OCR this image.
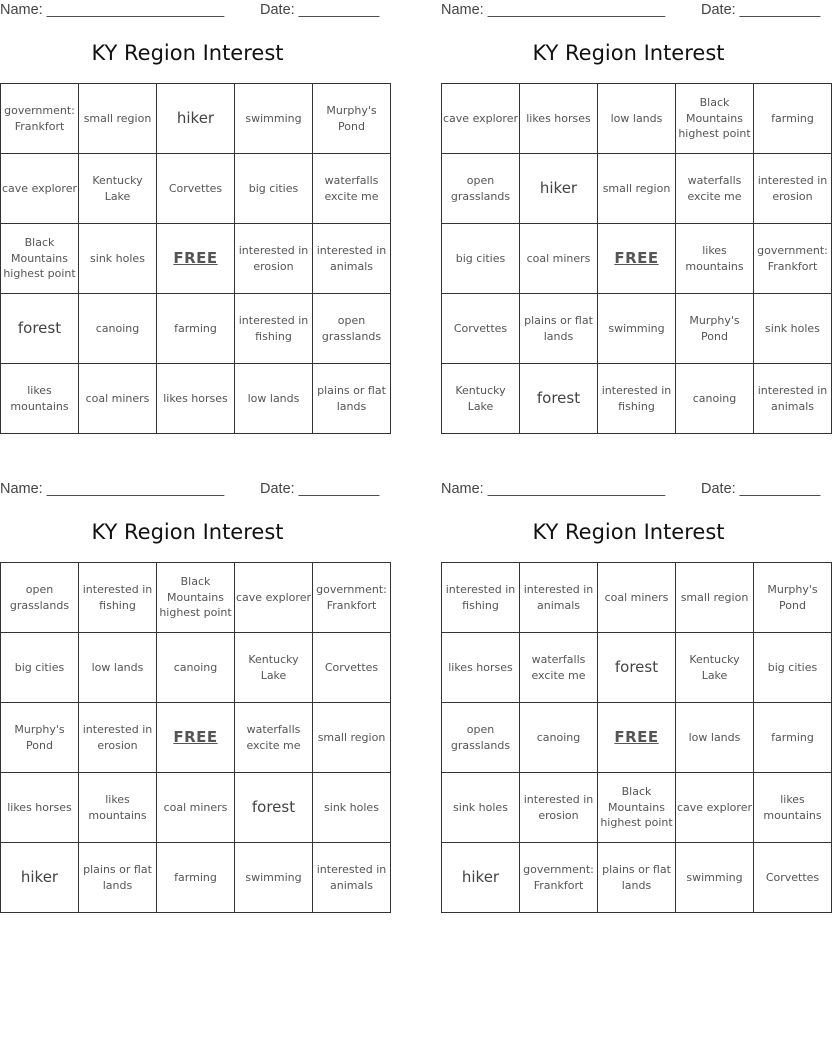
Name: ______________________ Date: __________
KY Region Interest
government: Frankfort	small region	hiker	swimming	Murphy's Pond
cave explorer	Kentucky Lake	Corvettes	big cities	waterfalls excite me
Black Mountains highest point	sink holes	FREE	interested in erosion	interested in animals
forest	canoing	farming	interested in fishing	open grasslands
likes mountains	coal miners	likes horses	low lands	plains or flat lands
Name: ______________________ Date: __________
KY Region Interest
cave explorer	likes horses	low lands	Black Mountains highest point	farming
open grasslands	hiker	small region	waterfalls excite me	interested in erosion
big cities	coal miners	FREE	likes mountains	government: Frankfort
Corvettes	plains or flat lands	swimming	Murphy's Pond	sink holes
Kentucky Lake	forest	interested in fishing	canoing	interested in animals
Name: ______________________ Date: __________
KY Region Interest
open grasslands	interested in fishing	Black Mountains highest point	cave explorer	government: Frankfort
big cities	low lands	canoing	Kentucky Lake	Corvettes
Murphy's Pond	interested in erosion	FREE	waterfalls excite me	small region
likes horses	likes mountains	coal miners	forest	sink holes
hiker	plains or flat lands	farming	swimming	interested in animals
Name: ______________________ Date: __________
KY Region Interest
interested in fishing	interested in animals	coal miners	small region	Murphy's Pond
likes horses	waterfalls excite me	forest	Kentucky Lake	big cities
open grasslands	canoing	FREE	low lands	farming
sink holes	interested in erosion	Black Mountains highest point	cave explorer	likes mountains
hiker	government: Frankfort	plains or flat lands	swimming	Corvettes
